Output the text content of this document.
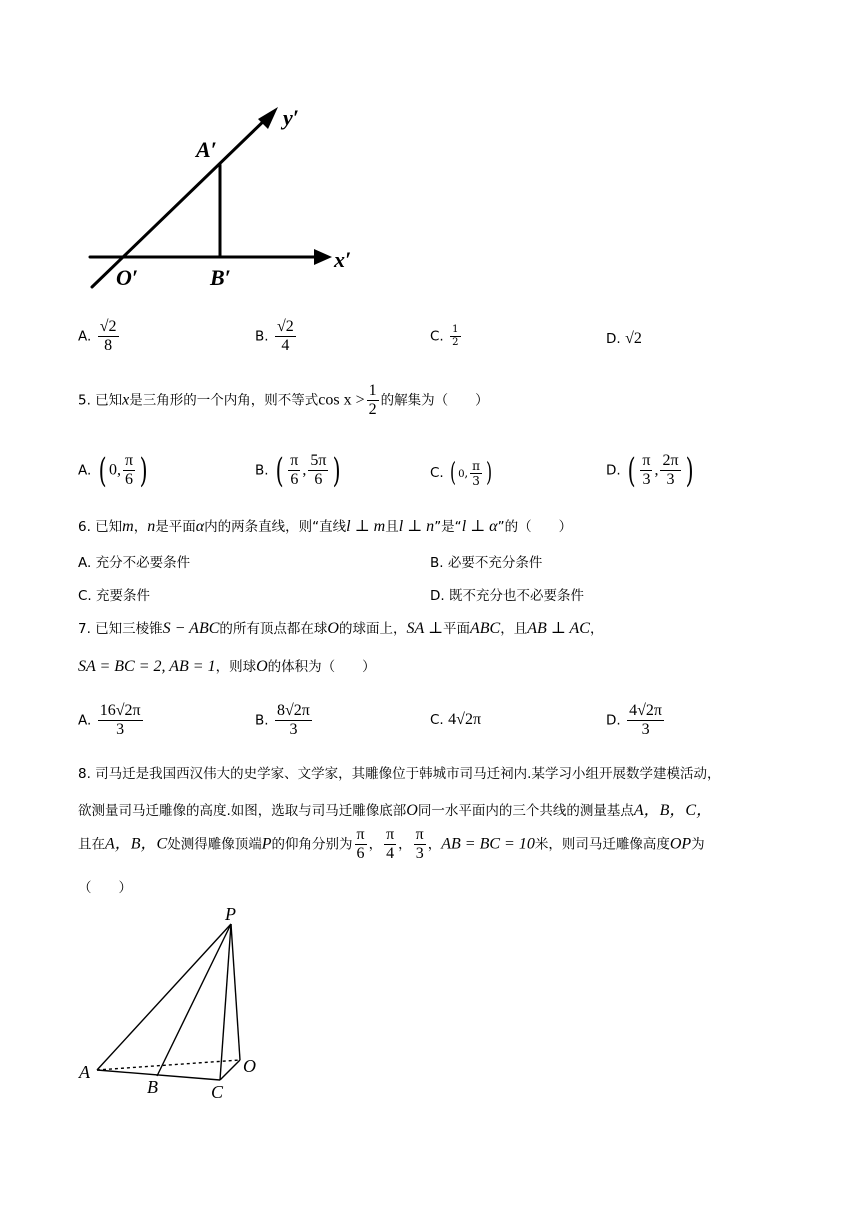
y′
A′
O′	B′
x′
A. $\frac{√2}{8}$	B. $\frac{√2}{4}$	C. $\frac{1}{2}$	D. √2
5. 已知x是三角形的一个内角，则不等式$\cos x > \frac{1}{2}$ 的解集为（　　）
A. ( 0, $\frac{\pi}{6}$ )	B. ( $\frac{\pi}{6}$ , $\frac{5\pi}{6}$ )	C. ( 0, $\frac{\pi}{3}$ )	D. ( $\frac{\pi}{3}$ , $\frac{2\pi}{3}$ )
6. 已知m，n是平面α内的两条直线，则“直线l ⊥ m且l ⊥ n”是“l ⊥ α”的（　　）
A. 充分不必要条件	B. 必要不充分条件
C. 充要条件	D. 既不充分也不必要条件
7. 已知三棱锥S − ABC的所有顶点都在球O的球面上，SA ⊥平面ABC，且AB ⊥ AC，
SA = BC = 2, AB = 1，则球O的体积为（　　）
A. $\frac{16√2\pi}{3}$	B. $\frac{8√2\pi}{3}$	C. 4√2π	D. $\frac{4√2\pi}{3}$
8. 司马迁是我国西汉伟大的史学家、文学家，其雕像位于韩城市司马迁祠内.某学习小组开展数学建模活动，
欲测量司马迁雕像的高度.如图，选取与司马迁雕像底部O同一水平面内的三个共线的测量基点A，B，C，
且在A，B，C处测得雕像顶端P的仰角分别为 $\frac{\pi}{6}$ ， $\frac{\pi}{4}$ ， $\frac{\pi}{3}$ ，AB = BC = 10米，则司马迁雕像高度OP为
（　　）
P
A
B	C
O
